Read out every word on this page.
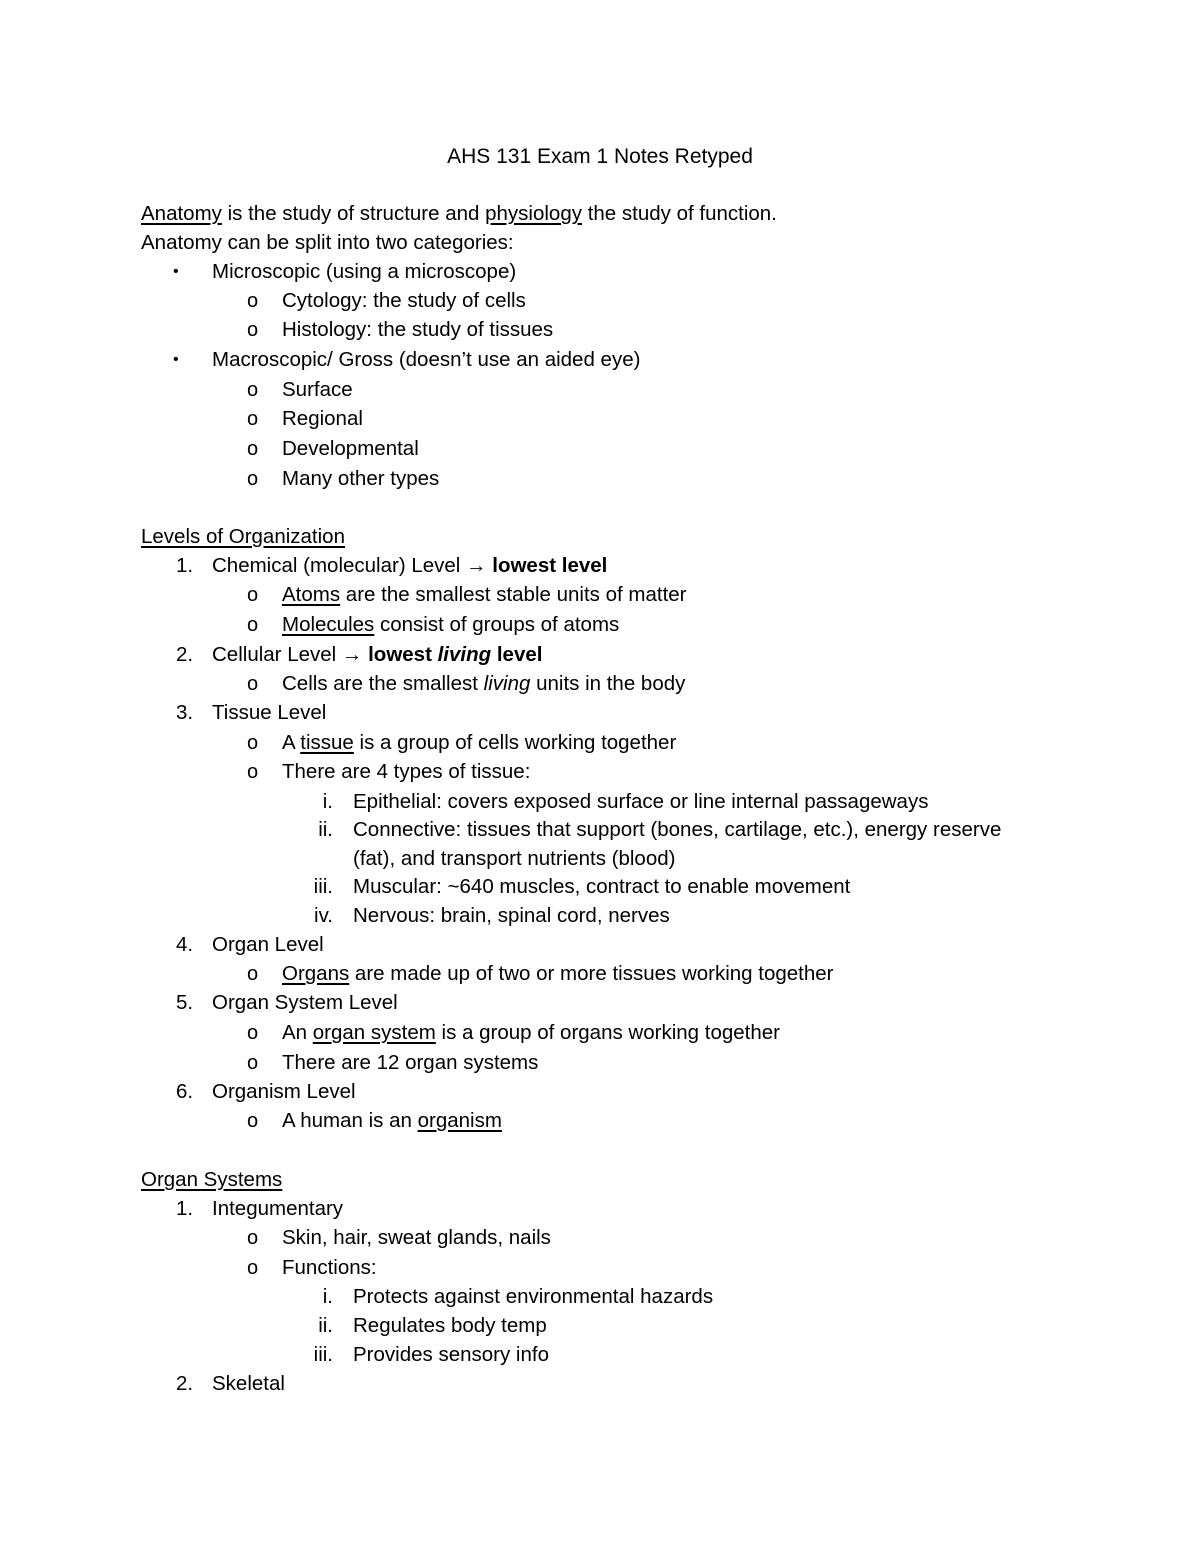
AHS 131 Exam 1 Notes Retyped
Anatomy is the study of structure and physiology the study of function.
Anatomy can be split into two categories:
• Microscopic (using a microscope)
o Cytology: the study of cells
o Histology: the study of tissues
• Macroscopic/ Gross (doesn’t use an aided eye)
o Surface
o Regional
o Developmental
o Many other types
Levels of Organization
1. Chemical (molecular) Level → lowest level
o Atoms are the smallest stable units of matter
o Molecules consist of groups of atoms
2. Cellular Level → lowest living level
o Cells are the smallest living units in the body
3. Tissue Level
o A tissue is a group of cells working together
o There are 4 types of tissue:
i. Epithelial: covers exposed surface or line internal passageways
ii. Connective: tissues that support (bones, cartilage, etc.), energy reserve
(fat), and transport nutrients (blood)
iii. Muscular: ~640 muscles, contract to enable movement
iv. Nervous: brain, spinal cord, nerves
4. Organ Level
o Organs are made up of two or more tissues working together
5. Organ System Level
o An organ system is a group of organs working together
o There are 12 organ systems
6. Organism Level
o A human is an organism
Organ Systems
1. Integumentary
o Skin, hair, sweat glands, nails
o Functions:
i. Protects against environmental hazards
ii. Regulates body temp
iii. Provides sensory info
2. Skeletal
